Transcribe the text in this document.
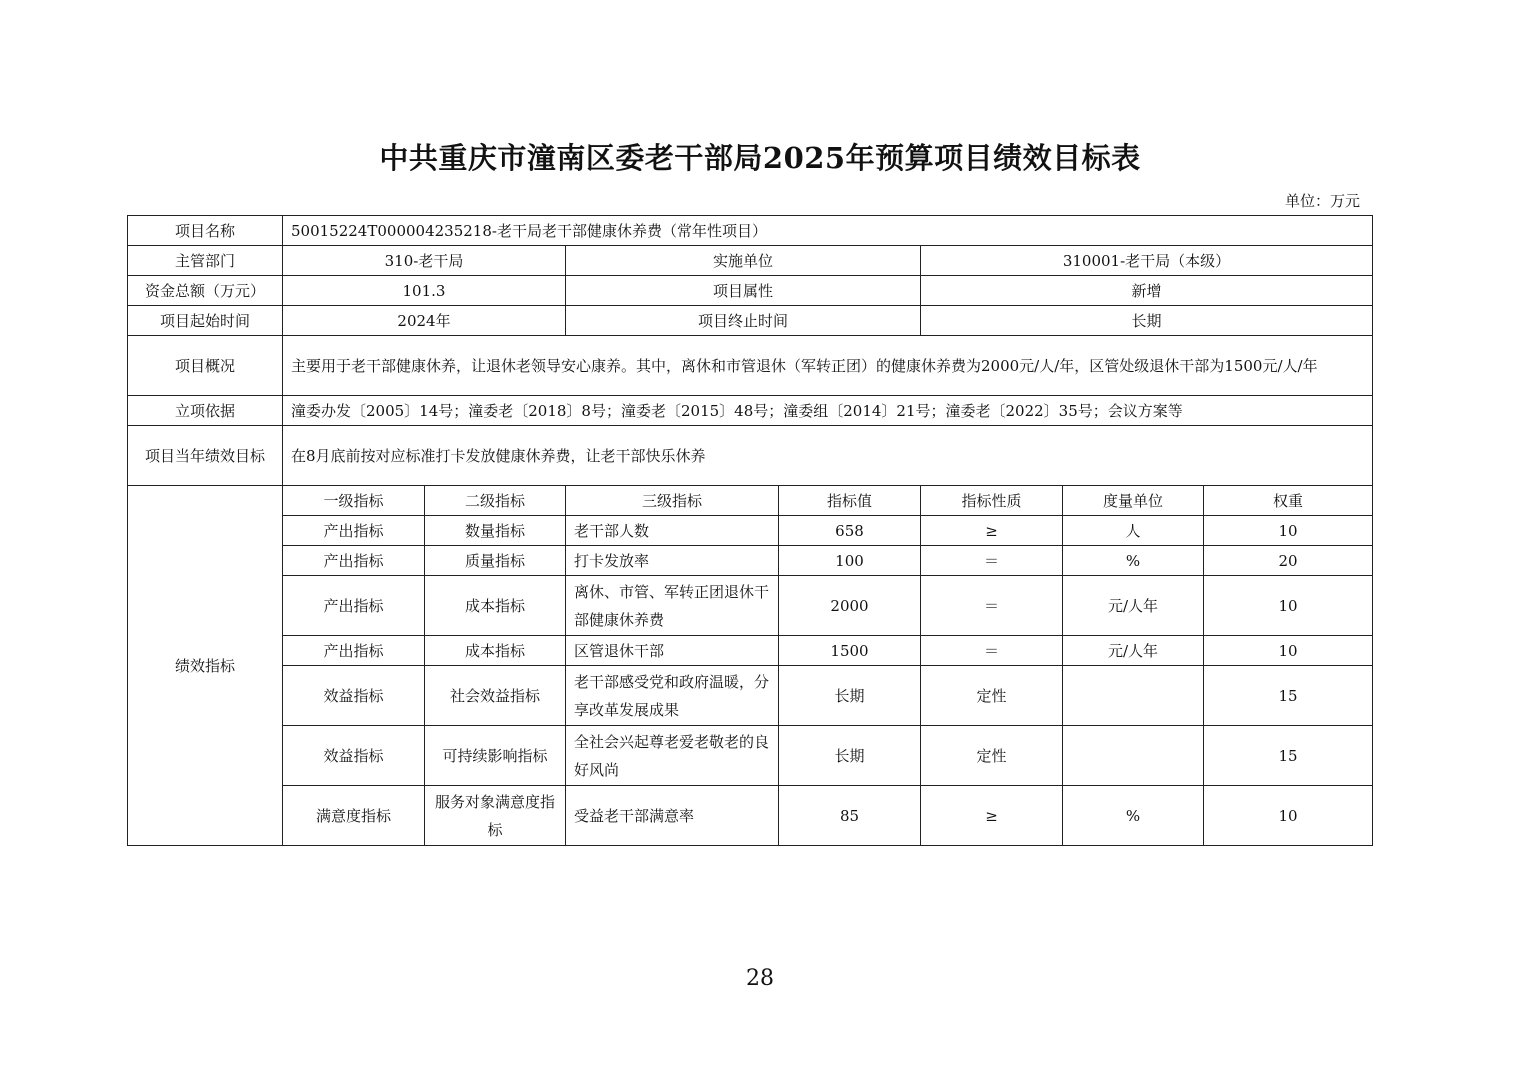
中共重庆市潼南区委老干部局2025年预算项目绩效目标表
单位：万元
项目名称	50015224T000004235218-老干局老干部健康休养费（常年性项目）						
主管部门	310-老干局		实施单位		310001-老干局（本级）		
资金总额（万元）	101.3		项目属性		新增		
项目起始时间	2024年		项目终止时间		长期		
项目概况	主要用于老干部健康休养，让退休老领导安心康养。其中，离休和市管退休（军转正团）的健康休养费为2000元/人/年，区管处级退休干部为1500元/人/年						
立项依据	潼委办发〔2005〕14号；潼委老〔2018〕8号；潼委老〔2015〕48号；潼委组〔2014〕21号；潼委老〔2022〕35号；会议方案等						
项目当年绩效目标	在8月底前按对应标准打卡发放健康休养费，让老干部快乐休养						
绩效指标	一级指标	二级指标	三级指标	指标值	指标性质	度量单位	权重
	产出指标	数量指标	老干部人数	658	≥	人	10
	产出指标	质量指标	打卡发放率	100	＝	%	20
	产出指标	成本指标	离休、市管、军转正团退休干部健康休养费	2000	＝	元/人年	10
	产出指标	成本指标	区管退休干部	1500	＝	元/人年	10
	效益指标	社会效益指标	老干部感受党和政府温暖，分享改革发展成果	长期	定性		15
	效益指标	可持续影响指标	全社会兴起尊老爱老敬老的良好风尚	长期	定性		15
	满意度指标	服务对象满意度指标	受益老干部满意率	85	≥	%	10
28
